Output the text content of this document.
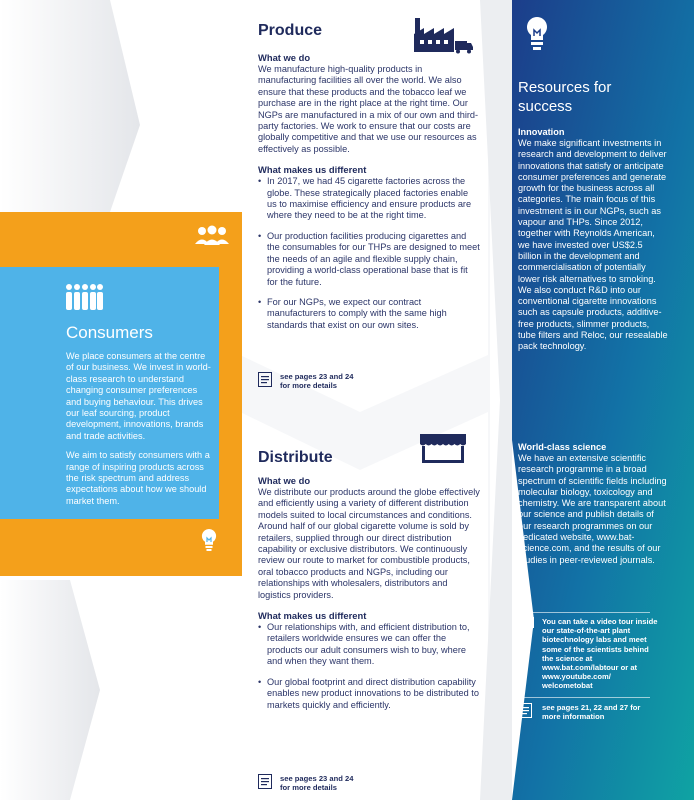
Consumers

We place consumers at the centre of our business. We invest in world-class research to understand changing consumer preferences and buying behaviour. This drives our leaf sourcing, product development, innovations, brands and trade activities.

We aim to satisfy consumers with a range of inspiring products across the risk spectrum and address expectations about how we should market them.

Produce
What we do

We manufacture high-quality products in manufacturing facilities all over the world. We also ensure that these products and the tobacco leaf we purchase are in the right place at the right time. Our NGPs are manufactured in a mix of our own and third-party factories. We work to ensure that our costs are globally competitive and that we use our resources as effectively as possible.

What makes us different
• In 2017, we had 45 cigarette factories across the globe. These strategically placed factories enable us to maximise efficiency and ensure products are where they need to be at the right time.
• Our production facilities producing cigarettes and the consumables for our THPs are designed to meet the needs of an agile and flexible supply chain, providing a world-class operational base that is fit for the future.
• For our NGPs, we expect our contract manufacturers to comply with the same high standards that exist on our own sites.
see pages 23 and 24
for more details
Distribute
What we do

We distribute our products around the globe effectively and efficiently using a variety of different distribution models suited to local circumstances and conditions. Around half of our global cigarette volume is sold by retailers, supplied through our direct distribution capability or exclusive distributors. We continuously review our route to market for combustible products, oral tobacco products and NGPs, including our relationships with wholesalers, distributors and logistics providers.

What makes us different
• Our relationships with, and efficient distribution to, retailers worldwide ensures we can offer the products our adult consumers wish to buy, where and when they want them.
• Our global footprint and direct distribution capability enables new product innovations to be distributed to markets quickly and efficiently.
see pages 23 and 24
for more details
Resources for success
Innovation

We make significant investments in research and development to deliver innovations that satisfy or anticipate consumer preferences and generate growth for the business across all categories. The main focus of this investment is in our NGPs, such as vapour and THPs. Since 2012, together with Reynolds American, we have invested over US$2.5 billion in the development and commercialisation of potentially lower risk alternatives to smoking. We also conduct R&D into our conventional cigarette innovations such as capsule products, additive-free products, slimmer products, tube filters and Reloc, our resealable pack technology.

World-class science

We have an extensive scientific research programme in a broad spectrum of scientific fields including molecular biology, toxicology and chemistry. We are transparent about our science and publish details of our research programmes on our dedicated website, www.bat-science.com, and the results of our studies in peer-reviewed journals.

You can take a video tour inside our state-of-the-art plant biotechnology labs and meet some of the scientists behind the science at www.bat.com/labtour or at www.youtube.com/ welcometobat
see pages 21, 22 and 27 for more information
